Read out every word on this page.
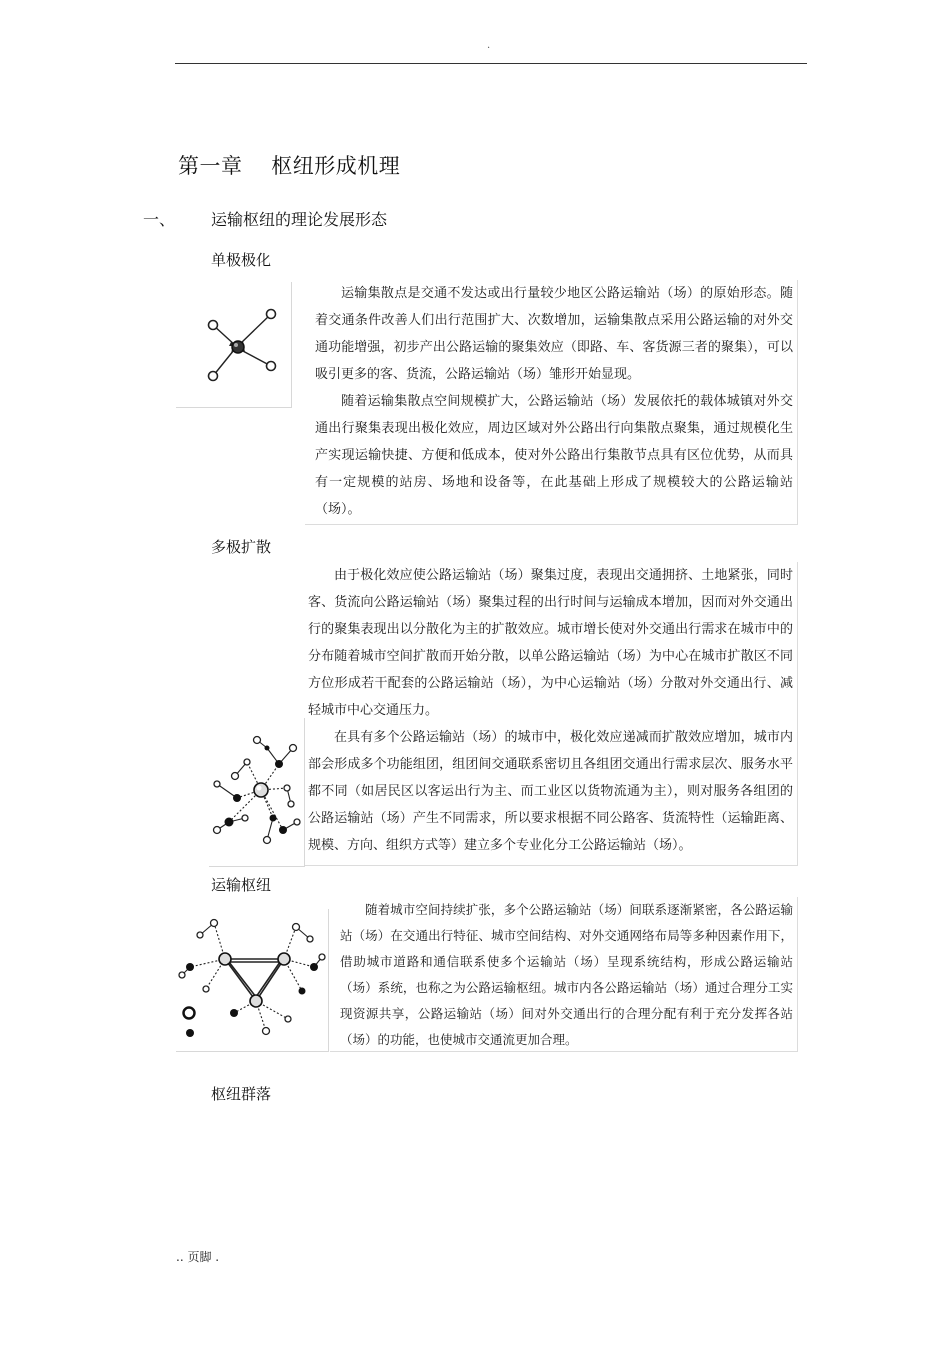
.
第一章    枢纽形成机理
一、 运输枢纽的理论发展形态
单极极化

运输集散点是交通不发达或出行量较少地区公路运输站（场）的原始形态。随着交通条件改善人们出行范围扩大、次数增加，运输集散点采用公路运输的对外交通功能增强，初步产出公路运输的聚集效应（即路、车、客货源三者的聚集），可以吸引更多的客、货流，公路运输站（场）雏形开始显现。

随着运输集散点空间规模扩大，公路运输站（场）发展依托的载体城镇对外交通出行聚集表现出极化效应，周边区域对外公路出行向集散点聚集，通过规模化生产实现运输快捷、方便和低成本，使对外公路出行集散节点具有区位优势，从而具有一定规模的站房、场地和设备等，在此基础上形成了规模较大的公路运输站（场）。

多极扩散

由于极化效应使公路运输站（场）聚集过度，表现出交通拥挤、土地紧张，同时客、货流向公路运输站（场）聚集过程的出行时间与运输成本增加，因而对外交通出行的聚集表现出以分散化为主的扩散效应。城市增长使对外交通出行需求在城市中的分布随着城市空间扩散而开始分散，以单公路运输站（场）为中心在城市扩散区不同方位形成若干配套的公路运输站（场），为中心运输站（场）分散对外交通出行、减轻城市中心交通压力。

在具有多个公路运输站（场）的城市中，极化效应递减而扩散效应增加，城市内部会形成多个功能组团，组团间交通联系密切且各组团交通出行需求层次、服务水平都不同（如居民区以客运出行为主、而工业区以货物流通为主），则对服务各组团的公路运输站（场）产生不同需求，所以要求根据不同公路客、货流特性（运输距离、规模、方向、组织方式等）建立多个专业化分工公路运输站（场）。

运输枢纽

随着城市空间持续扩张，多个公路运输站（场）间联系逐渐紧密，各公路运输站（场）在交通出行特征、城市空间结构、对外交通网络布局等多种因素作用下，借助城市道路和通信联系使多个运输站（场）呈现系统结构，形成公路运输站（场）系统，也称之为公路运输枢纽。城市内各公路运输站（场）通过合理分工实现资源共享，公路运输站（场）间对外交通出行的合理分配有利于充分发挥各站（场）的功能，也使城市交通流更加合理。

枢纽群落
.. 页脚 .
